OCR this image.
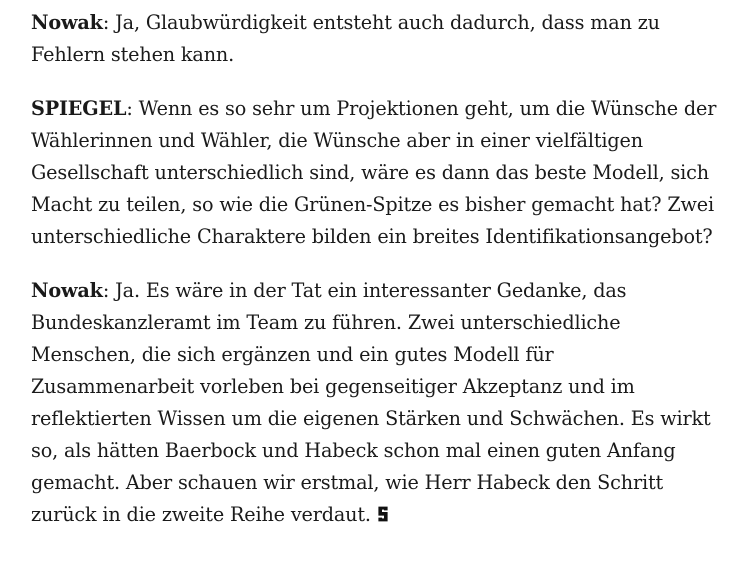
Nowak: Ja, Glaubwürdigkeit entsteht auch dadurch, dass man zu Fehlern stehen kann.

SPIEGEL: Wenn es so sehr um Projektionen geht, um die Wünsche der Wählerinnen und Wähler, die Wünsche aber in einer vielfältigen Gesellschaft unterschiedlich sind, wäre es dann das beste Modell, sich Macht zu teilen, so wie die Grünen-Spitze es bisher gemacht hat? Zwei unterschiedliche Charaktere bilden ein breites Identifikationsangebot?

Nowak: Ja. Es wäre in der Tat ein interessanter Gedanke, das Bundeskanzleramt im Team zu führen. Zwei unterschiedliche Menschen, die sich ergänzen und ein gutes Modell für Zusammenarbeit vorleben bei gegenseitiger Akzeptanz und im reflektierten Wissen um die eigenen Stärken und Schwächen. Es wirkt so, als hätten Baerbock und Habeck schon mal einen guten Anfang gemacht. Aber schauen wir erstmal, wie Herr Habeck den Schritt zurück in die zweite Reihe verdaut.
